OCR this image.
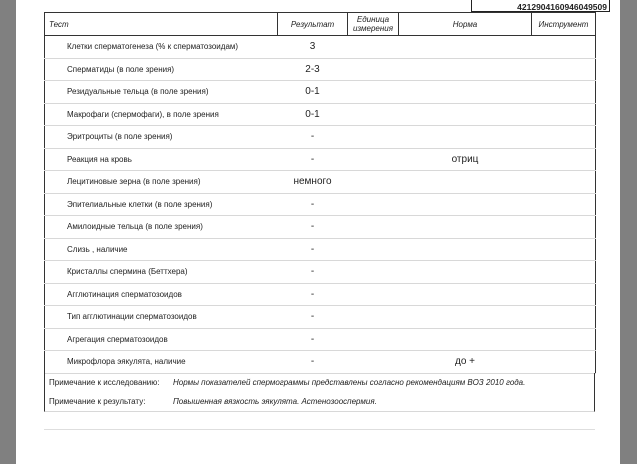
4212904160946049509
Тест	Результат	Единица измерения	Норма	Инструмент
Клетки сперматогенеза (% к сперматозоидам)	3			
Сперматиды (в поле зрения)	2-3			
Резидуальные тельца (в поле зрения)	0-1			
Макрофаги (спермофаги), в поле зрения	0-1			
Эритроциты (в поле зрения)	-			
Реакция на кровь	-		отриц	
Лецитиновые зерна (в поле зрения)	немного			
Эпителиальные клетки (в поле зрения)	-			
Амилоидные тельца (в поле зрения)	-			
Слизь , наличие	-			
Кристаллы спермина (Беттхера)	-			
Агглютинация сперматозоидов	-			
Тип агглютинации сперматозоидов	-			
Агрегация сперматозоидов	-			
Микрофлора эякулята, наличие	-		до +	
Примечание к исследованию:	Нормы показателей спермограммы представлены согласно рекомендациям ВОЗ 2010 года.
Примечание к результату:	Повышенная вязкость эякулята. Астенозооспермия.
